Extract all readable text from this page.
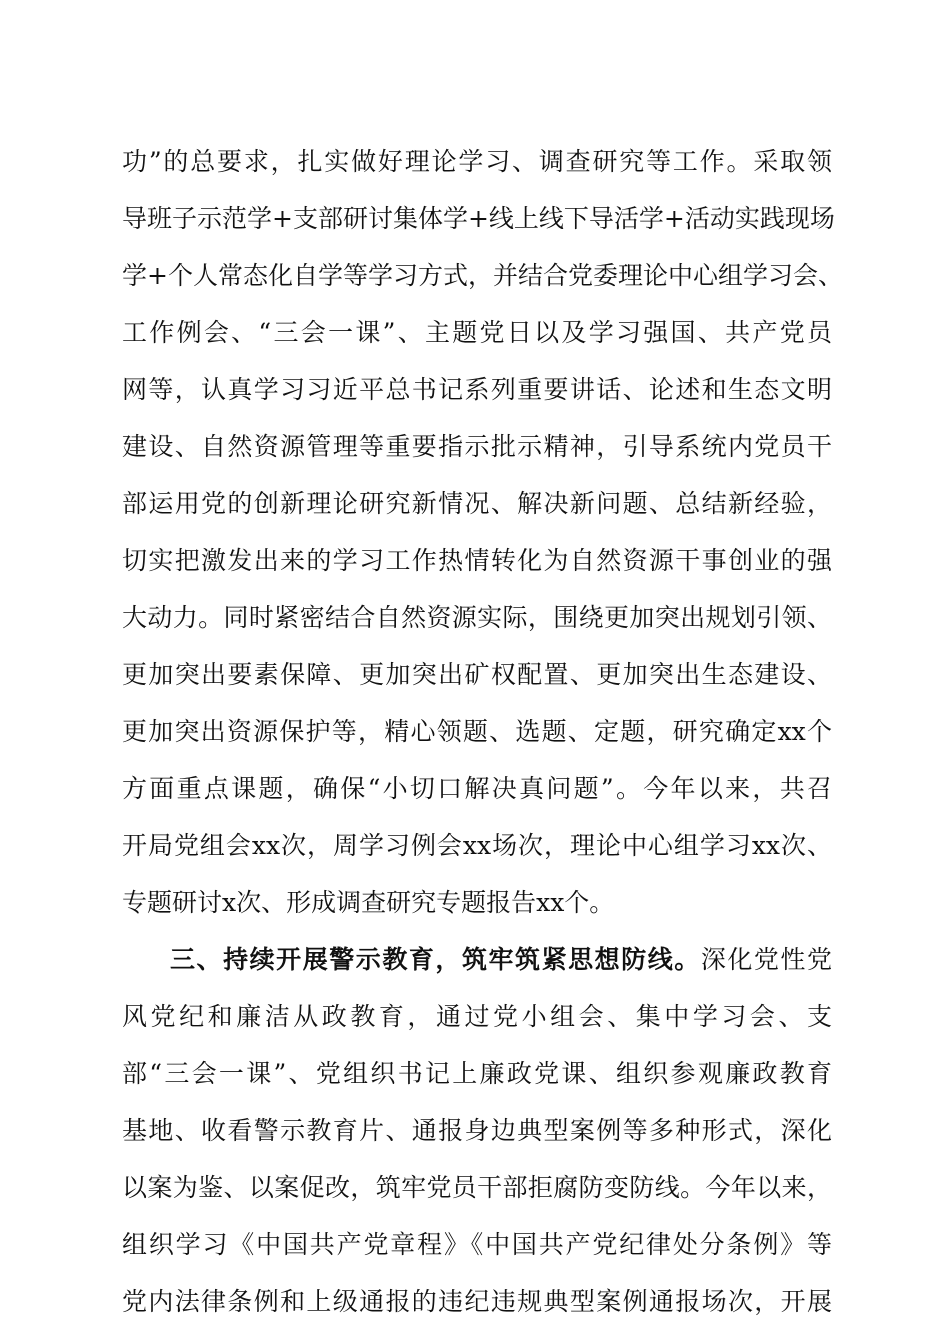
功”的总要求，扎实做好理论学习、调查研究等工作。采取领
导班子示范学+支部研讨集体学+线上线下导活学+活动实践现场
学+个人常态化自学等学习方式，并结合党委理论中心组学习会、
工作例会、“三会一课”、主题党日以及学习强国、共产党员
网等，认真学习习近平总书记系列重要讲话、论述和生态文明
建设、自然资源管理等重要指示批示精神，引导系统内党员干
部运用党的创新理论研究新情况、解决新问题、总结新经验，
切实把激发出来的学习工作热情转化为自然资源干事创业的强
大动力。同时紧密结合自然资源实际，围绕更加突出规划引领、
更加突出要素保障、更加突出矿权配置、更加突出生态建设、
更加突出资源保护等，精心领题、选题、定题，研究确定xx个
方面重点课题，确保“小切口解决真问题”。今年以来，共召
开局党组会xx次，周学习例会xx场次，理论中心组学习xx次、
专题研讨x次、形成调查研究专题报告xx个。
三、持续开展警示教育，筑牢筑紧思想防线。深化党性党
风党纪和廉洁从政教育，通过党小组会、集中学习会、支
部“三会一课”、党组织书记上廉政党课、组织参观廉政教育
基地、收看警示教育片、通报身边典型案例等多种形式，深化
以案为鉴、以案促改，筑牢党员干部拒腐防变防线。今年以来，
组织学习《中国共产党章程》《中国共产党纪律处分条例》等
党内法律条例和上级通报的违纪违规典型案例通报场次，开展
